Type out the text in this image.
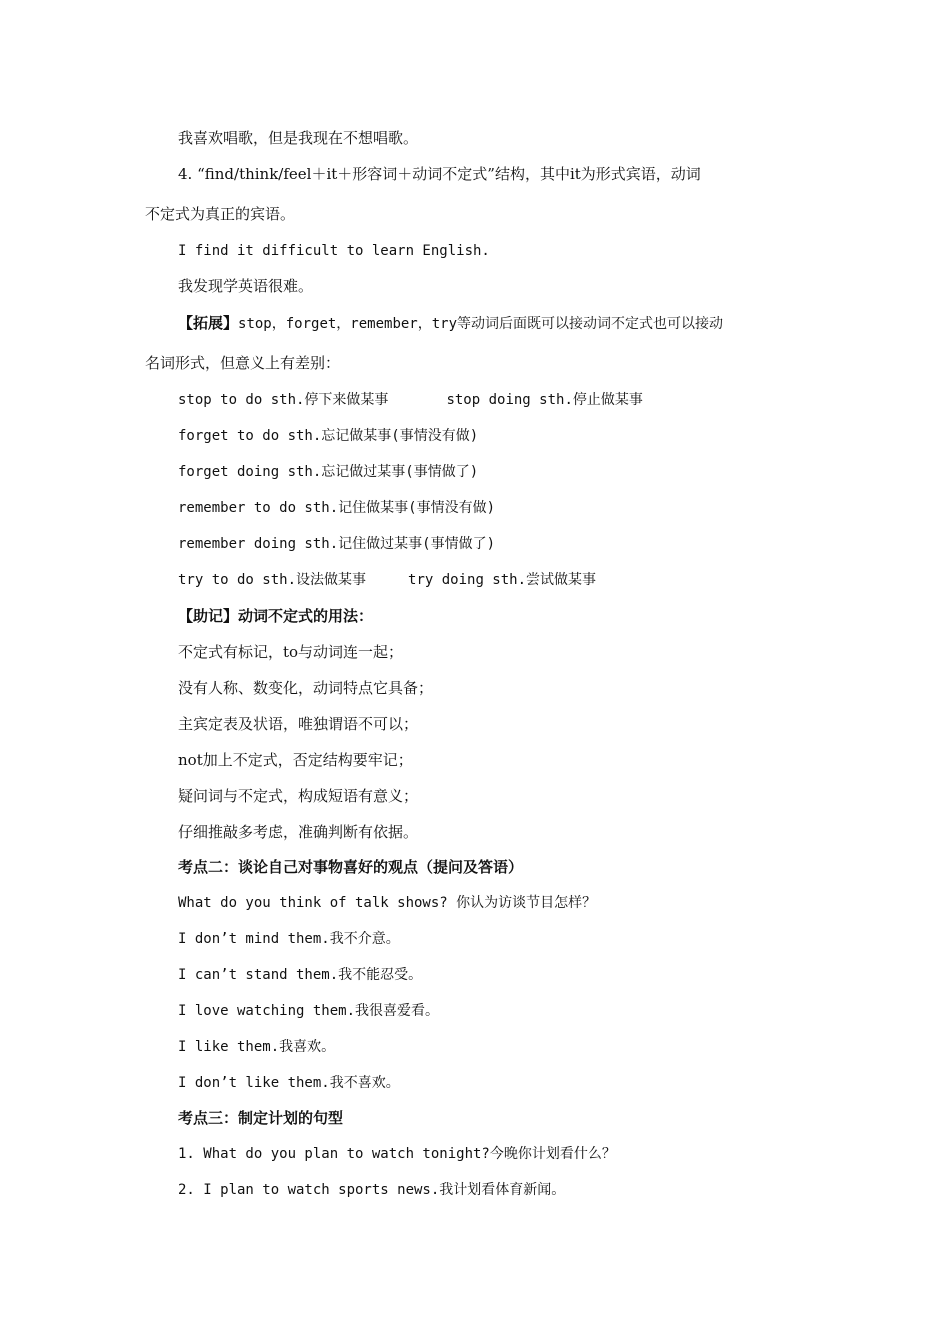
我喜欢唱歌，但是我现在不想唱歌。
4. “find/think/feel＋it＋形容词＋动词不定式”结构，其中it为形式宾语，动词
不定式为真正的宾语。
I find it difficult to learn English.
我发现学英语很难。
【拓展】stop，forget，remember，try等动词后面既可以接动词不定式也可以接动
名词形式，但意义上有差别：
stop to do sth.停下来做某事	stop doing sth.停止做某事
forget to do sth.忘记做某事(事情没有做)
forget doing sth.忘记做过某事(事情做了)
remember to do sth.记住做某事(事情没有做)
remember doing sth.记住做过某事(事情做了)
try to do sth.设法做某事	try doing sth.尝试做某事
【助记】动词不定式的用法：
不定式有标记，to与动词连一起；
没有人称、数变化，动词特点它具备；
主宾定表及状语，唯独谓语不可以；
not加上不定式，否定结构要牢记；
疑问词与不定式，构成短语有意义；
仔细推敲多考虑，准确判断有依据。
考点二：谈论自己对事物喜好的观点（提问及答语）
What do you think of talk shows? 你认为访谈节目怎样？
I don’t mind them.我不介意。
I can’t stand them.我不能忍受。
I love watching them.我很喜爱看。
I like them.我喜欢。
I don’t like them.我不喜欢。
考点三：制定计划的句型
1. What do you plan to watch tonight?今晚你计划看什么？
2. I plan to watch sports news.我计划看体育新闻。
